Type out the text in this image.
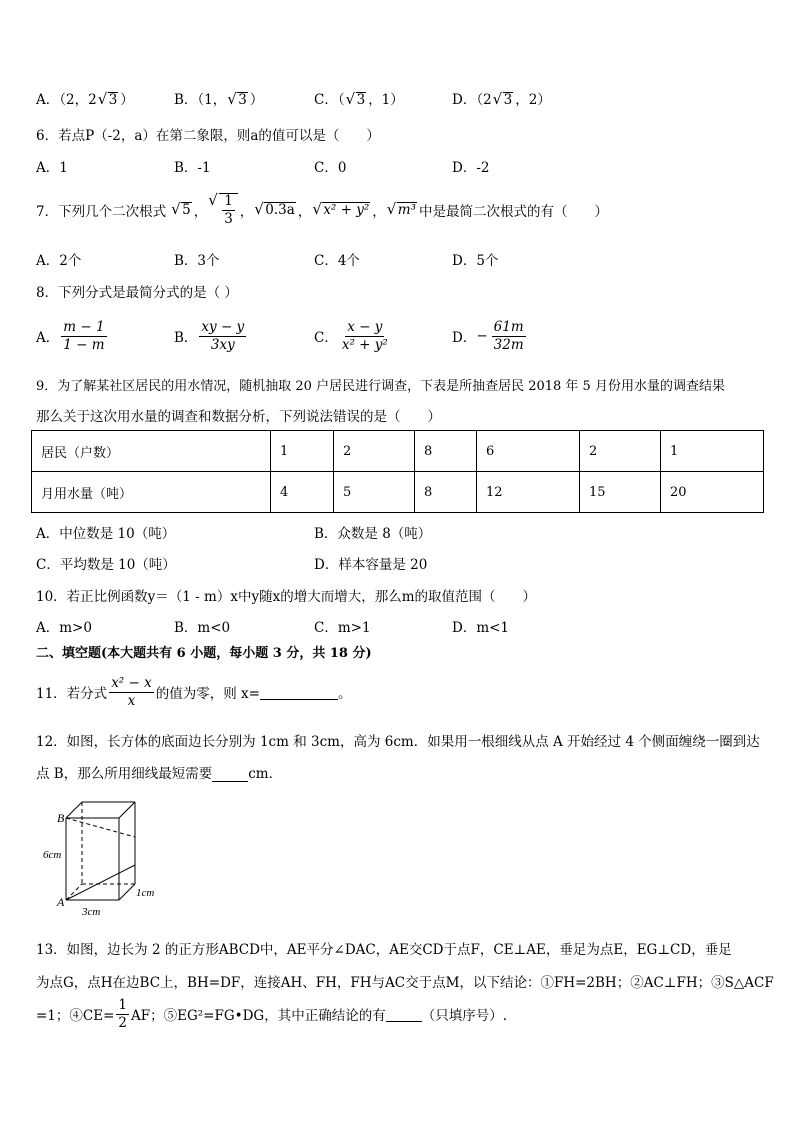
A．（2，2 √ 3 ）	B．（1， √ 3 ）	C．（ √ 3 ，1）	D．（2 √ 3 ，2）
6．若点P（-2，a）在第二象限，则a的值可以是（　　）
A．1	B．-1	C．0	D．-2
7．下列几个二次根式	√ 5 ， √ $\frac{1}{3}$ ， √ 0.3a ， √ x² + y² ， √ m³ 中是最简二次根式的有（　　）
A．2个	B．3个	C．4个	D．5个
8．下列分式是最简分式的是（ ）
A． $\frac{m - 1}{1 - m}$	B． $\frac{xy - y}{3xy}$	C． $\frac{x - y}{\text{x² + y²}}$	D． − $\frac{61m}{32m}$
9．为了解某社区居民的用水情况，随机抽取 20 户居民进行调查，下表是所抽查居民 2018 年 5 月份用水量的调查结果
那么关于这次用水量的调查和数据分析，下列说法错误的是（　　）
居民（户数）	1	2	8	6	2	1
月用水量（吨）	4	5	8	12	15	20
A．中位数是 10（吨）	B．众数是 8（吨）
C．平均数是 10（吨）	D．样本容量是 20
10．若正比例函数y＝（1 - m）x中y随x的增大而增大，那么m的取值范围（　　）
A．m>0	B．m<0	C．m>1	D．m<1
二、填空题(本大题共有 6 小题，每小题 3 分，共 18 分)
11．若分式 $\frac{\text{x² − x}}{x}$ 的值为零，则 x=	。
12．如图，长方体的底面边长分别为 1cm 和 3cm，高为 6cm．如果用一根细线从点 A 开始经过 4 个侧面缠绕一圈到达
点 B，那么所用细线最短需要	cm．
B
A
6cm
3cm
1cm
13．如图，边长为 2 的正方形ABCD中，AE平分∠DAC，AE交CD于点F，CE⊥AE，垂足为点E，EG⊥CD，垂足
为点G，点H在边BC上，BH=DF，连接AH、FH，FH与AC交于点M，以下结论：①FH=2BH；②AC⊥FH；③S△ACF
=1；④CE= $\frac{1}{2}$ AF；⑤EG²=FG•DG，其中正确结论的有	（只填序号）.
